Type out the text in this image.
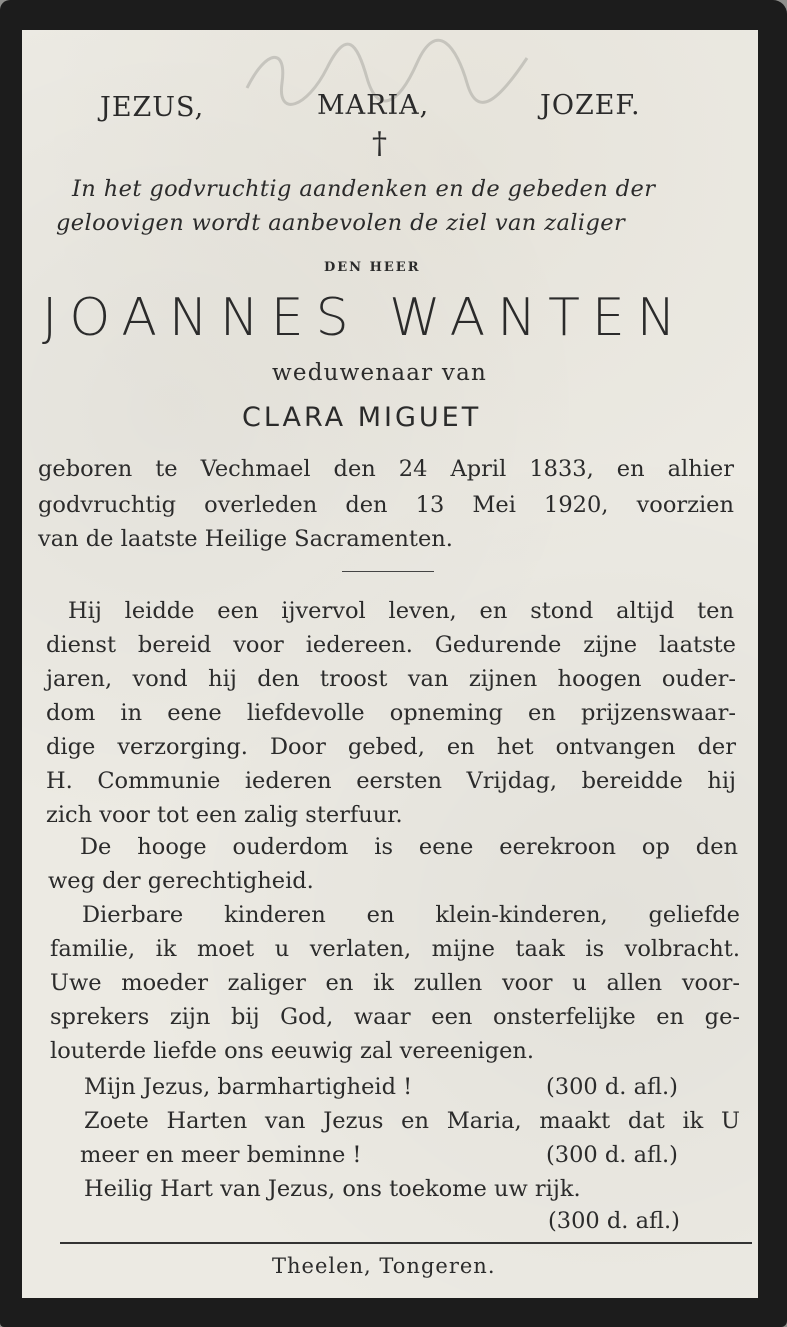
JEZUS,	MARIA,	JOZEF.
†
In het godvruchtig aandenken en de gebeden der
geloovigen wordt aanbevolen de ziel van zaliger
DEN HEER
JOANNES WANTEN
weduwenaar van
CLARA MIGUET
geboren te Vechmael den 24 April 1833, en alhier
godvruchtig overleden den 13 Mei 1920, voorzien
van de laatste Heilige Sacramenten.
Hij leidde een ijvervol leven, en stond altijd ten
dienst bereid voor iedereen. Gedurende zijne laatste
jaren, vond hij den troost van zijnen hoogen ouder-
dom in eene liefdevolle opneming en prijzenswaar-
dige verzorging. Door gebed, en het ontvangen der
H. Communie iederen eersten Vrijdag, bereidde hij
zich voor tot een zalig sterfuur.
De hooge ouderdom is eene eerekroon op den
weg der gerechtigheid.
Dierbare kinderen en klein-kinderen, geliefde
familie, ik moet u verlaten, mijne taak is volbracht.
Uwe moeder zaliger en ik zullen voor u allen voor-
sprekers zijn bij God, waar een onsterfelijke en ge-
louterde liefde ons eeuwig zal vereenigen.
Mijn Jezus, barmhartigheid !	(300 d. afl.)
Zoete Harten van Jezus en Maria, maakt dat ik U
meer en meer beminne !	(300 d. afl.)
Heilig Hart van Jezus, ons toekome uw rijk.
(300 d. afl.)
Theelen, Tongeren.
